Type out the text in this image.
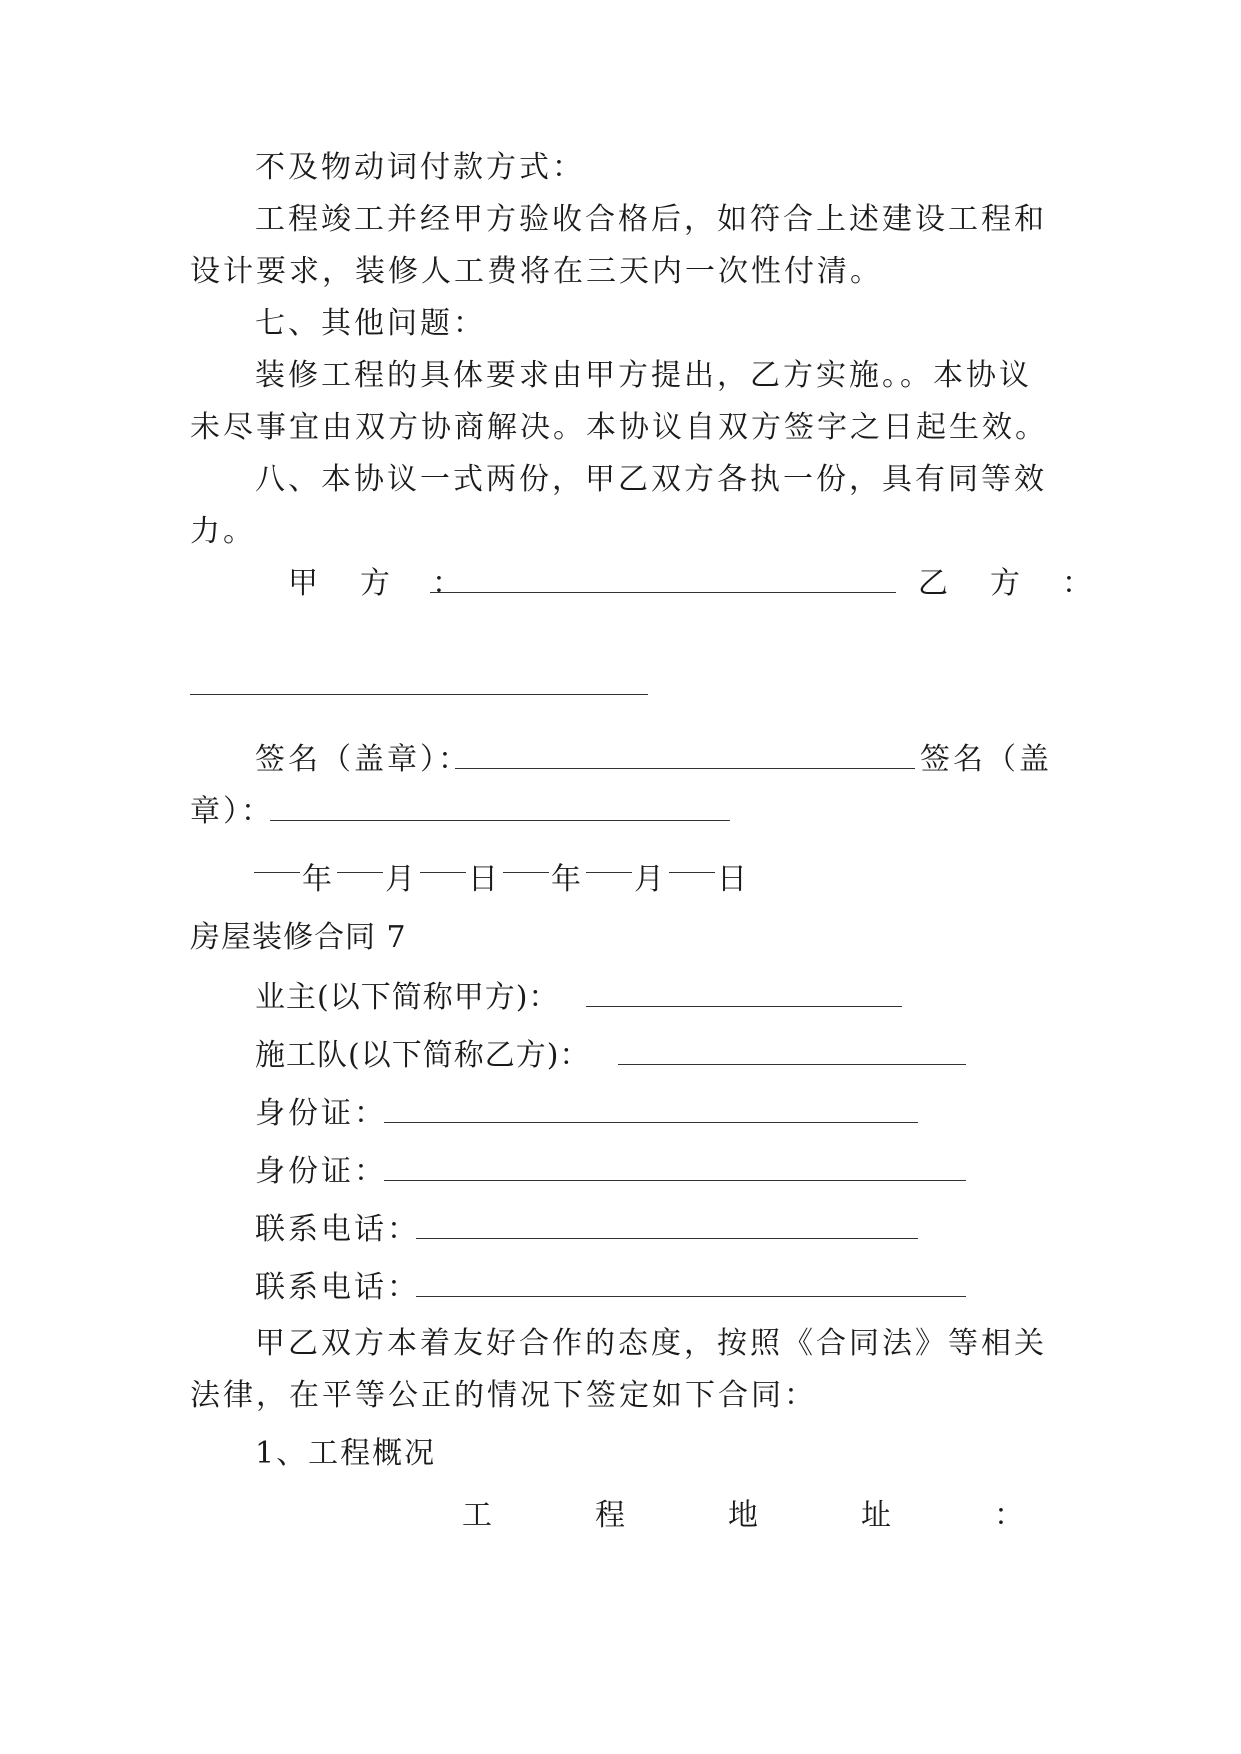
不及物动词付款方式：
工程竣工并经甲方验收合格后，如符合上述建设工程和
设计要求，装修人工费将在三天内一次性付清。
七、其他问题：
装修工程的具体要求由甲方提出，乙方实施。。本协议
未尽事宜由双方协商解决。本协议自双方签字之日起生效。
八、本协议一式两份，甲乙双方各执一份，具有同等效
力。
甲　方　：	乙　方　：
签名（盖章）：	签名（盖
章）：
年 月 日 年 月 日
房屋装修合同 7
业主(以下简称甲方)：
施工队(以下简称乙方)：
身份证：
身份证：
联系电话：
联系电话：
甲乙双方本着友好合作的态度，按照《合同法》等相关
法律，在平等公正的情况下签定如下合同：
1、工程概况
工	程	地	址	：
